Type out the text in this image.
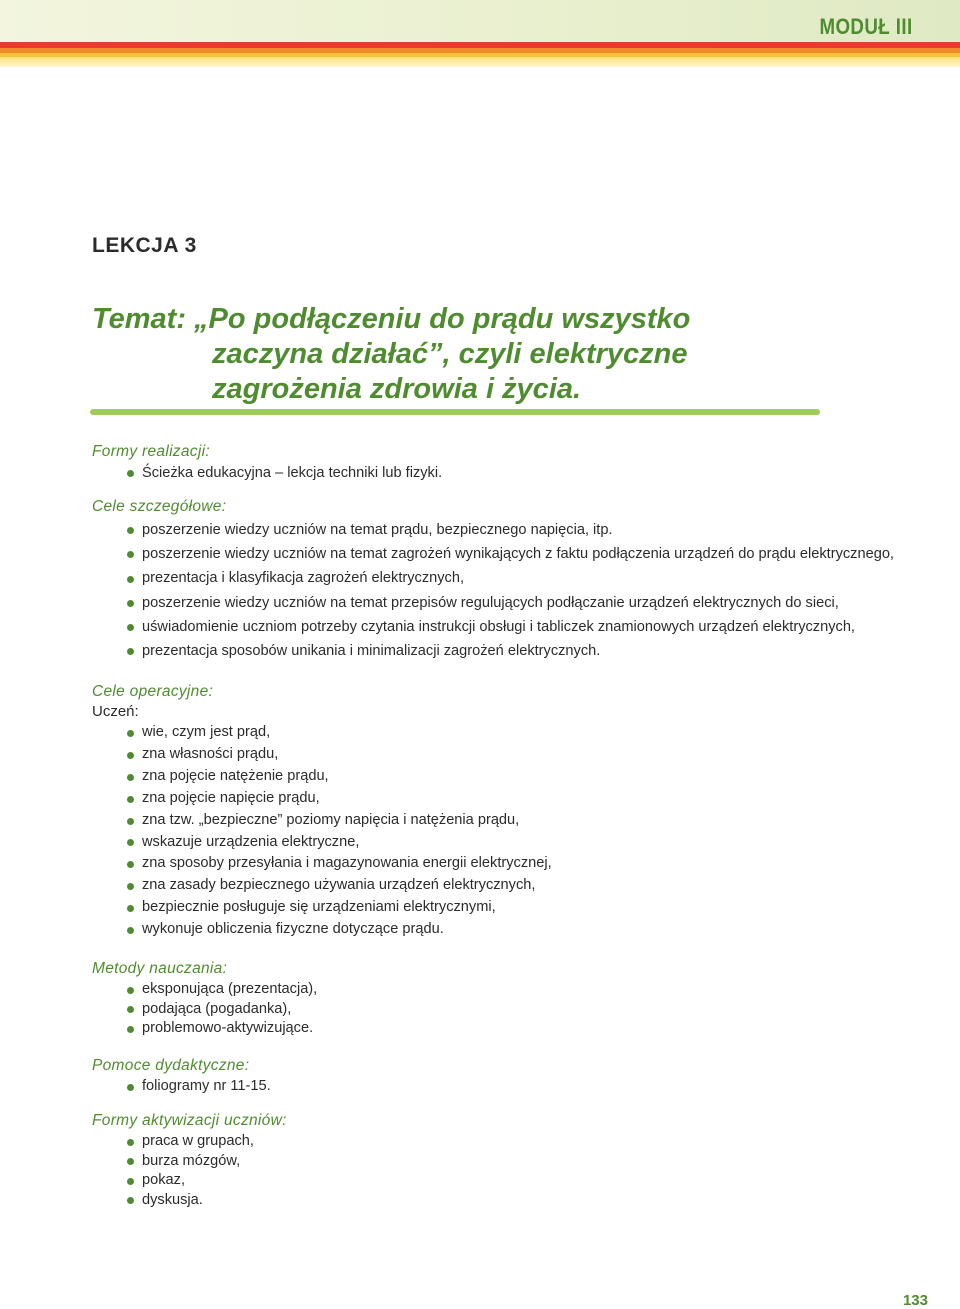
MODUŁ III
LEKCJA 3
Temat: „Po podłączeniu do prądu wszystko
zaczyna działać”, czyli elektryczne
zagrożenia zdrowia i życia.
Formy realizacji:
Ścieżka edukacyjna – lekcja techniki lub fizyki.
Cele szczegółowe:
poszerzenie wiedzy uczniów na temat prądu, bezpiecznego napięcia, itp.
poszerzenie wiedzy uczniów na temat zagrożeń wynikających z faktu podłączenia urządzeń do prądu elektrycznego,
prezentacja i klasyfikacja zagrożeń elektrycznych,
poszerzenie wiedzy uczniów na temat przepisów regulujących podłączanie urządzeń elektrycznych do sieci,
uświadomienie uczniom potrzeby czytania instrukcji obsługi i tabliczek znamionowych urządzeń elektrycznych,
prezentacja sposobów unikania i minimalizacji zagrożeń elektrycznych.
Cele operacyjne:
Uczeń:
wie, czym jest prąd,
zna własności prądu,
zna pojęcie natężenie prądu,
zna pojęcie napięcie prądu,
zna tzw. „bezpieczne” poziomy napięcia i natężenia prądu,
wskazuje urządzenia elektryczne,
zna sposoby przesyłania i magazynowania energii elektrycznej,
zna zasady bezpiecznego używania urządzeń elektrycznych,
bezpiecznie posługuje się urządzeniami elektrycznymi,
wykonuje obliczenia fizyczne dotyczące prądu.
Metody nauczania:
eksponująca (prezentacja),
podająca (pogadanka),
problemowo-aktywizujące.
Pomoce dydaktyczne:
foliogramy nr 11-15.
Formy aktywizacji uczniów:
praca w grupach,
burza mózgów,
pokaz,
dyskusja.
133
